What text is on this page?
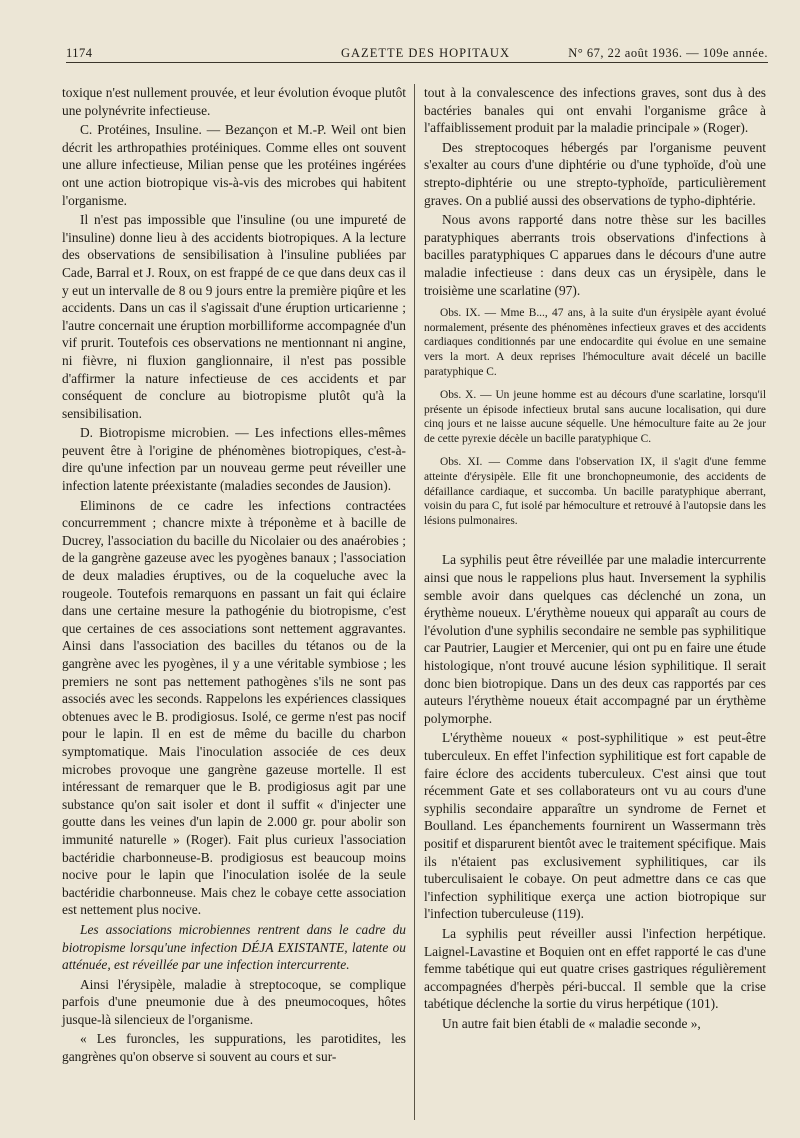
1174	GAZETTE DES HOPITAUX	N° 67, 22 août 1936. — 109e année.

toxique n'est nullement prouvée, et leur évolution évoque plutôt une polynévrite infectieuse.

C. Protéines, Insuline. — Bezançon et M.-P. Weil ont bien décrit les arthropathies protéiniques. Comme elles ont souvent une allure infectieuse, Milian pense que les protéines ingérées ont une action biotropique vis-à-vis des microbes qui habitent l'organisme.

Il n'est pas impossible que l'insuline (ou une impureté de l'insuline) donne lieu à des accidents biotropiques. A la lecture des observations de sensibilisation à l'insuline publiées par Cade, Barral et J. Roux, on est frappé de ce que dans deux cas il y eut un intervalle de 8 ou 9 jours entre la première piqûre et les accidents. Dans un cas il s'agissait d'une éruption urticarienne ; l'autre concernait une éruption morbilliforme accompagnée d'un vif prurit. Toutefois ces observations ne mentionnant ni angine, ni fièvre, ni fluxion ganglionnaire, il n'est pas possible d'affirmer la nature infectieuse de ces accidents et par conséquent de conclure au biotropisme plutôt qu'à la sensibilisation.

D. Biotropisme microbien. — Les infections elles-mêmes peuvent être à l'origine de phénomènes biotropiques, c'est-à-dire qu'une infection par un nouveau germe peut réveiller une infection latente préexistante (maladies secondes de Jausion).

Eliminons de ce cadre les infections contractées concurremment ; chancre mixte à tréponème et à bacille de Ducrey, l'association du bacille du Nicolaier ou des anaérobies ; de la gangrène gazeuse avec les pyogènes banaux ; l'association de deux maladies éruptives, ou de la coqueluche avec la rougeole. Toutefois remarquons en passant un fait qui éclaire dans une certaine mesure la pathogénie du biotropisme, c'est que certaines de ces associations sont nettement aggravantes. Ainsi dans l'association des bacilles du tétanos ou de la gangrène avec les pyogènes, il y a une véritable symbiose ; les premiers ne sont pas nettement pathogènes s'ils ne sont pas associés avec les seconds. Rappelons les expériences classiques obtenues avec le B. prodigiosus. Isolé, ce germe n'est pas nocif pour le lapin. Il en est de même du bacille du charbon symptomatique. Mais l'inoculation associée de ces deux microbes provoque une gangrène gazeuse mortelle. Il est intéressant de remarquer que le B. prodigiosus agit par une substance qu'on sait isoler et dont il suffit « d'injecter une goutte dans les veines d'un lapin de 2.000 gr. pour abolir son immunité naturelle » (Roger). Fait plus curieux l'association bactéridie charbonneuse-B. prodigiosus est beaucoup moins nocive pour le lapin que l'inoculation isolée de la seule bactéridie charbonneuse. Mais chez le cobaye cette association est nettement plus nocive.

Les associations microbiennes rentrent dans le cadre du biotropisme lorsqu'une infection DÉJA EXISTANTE, latente ou atténuée, est réveillée par une infection intercurrente.

Ainsi l'érysipèle, maladie à streptocoque, se complique parfois d'une pneumonie due à des pneumocoques, hôtes jusque-là silencieux de l'organisme.

« Les furoncles, les suppurations, les parotidites, les gangrènes qu'on observe si souvent au cours et sur-

tout à la convalescence des infections graves, sont dus à des bactéries banales qui ont envahi l'organisme grâce à l'affaiblissement produit par la maladie principale » (Roger).

Des streptocoques hébergés par l'organisme peuvent s'exalter au cours d'une diphtérie ou d'une typhoïde, d'où une strepto-diphtérie ou une strepto-typhoïde, particulièrement graves. On a publié aussi des observations de typho-diphtérie.

Nous avons rapporté dans notre thèse sur les bacilles paratyphiques aberrants trois observations d'infections à bacilles paratyphiques C apparues dans le décours d'une autre maladie infectieuse : dans deux cas un érysipèle, dans le troisième une scarlatine (97).

Obs. IX. — Mme B..., 47 ans, à la suite d'un érysipèle ayant évolué normalement, présente des phénomènes infectieux graves et des accidents cardiaques conditionnés par une endocardite qui évolue en une semaine vers la mort. A deux reprises l'hémoculture avait décelé un bacille paratyphique C.

Obs. X. — Un jeune homme est au décours d'une scarlatine, lorsqu'il présente un épisode infectieux brutal sans aucune localisation, qui dure cinq jours et ne laisse aucune séquelle. Une hémoculture faite au 2e jour de cette pyrexie décèle un bacille paratyphique C.

Obs. XI. — Comme dans l'observation IX, il s'agit d'une femme atteinte d'érysipèle. Elle fit une bronchopneumonie, des accidents de défaillance cardiaque, et succomba. Un bacille paratyphique aberrant, voisin du para C, fut isolé par hémoculture et retrouvé à l'autopsie dans les lésions pulmonaires.

La syphilis peut être réveillée par une maladie intercurrente ainsi que nous le rappelions plus haut. Inversement la syphilis semble avoir dans quelques cas déclenché un zona, un érythème noueux. L'érythème noueux qui apparaît au cours de l'évolution d'une syphilis secondaire ne semble pas syphilitique car Pautrier, Laugier et Mercenier, qui ont pu en faire une étude histologique, n'ont trouvé aucune lésion syphilitique. Il serait donc bien biotropique. Dans un des deux cas rapportés par ces auteurs l'érythème noueux était accompagné par un érythème polymorphe.

L'érythème noueux « post-syphilitique » est peut-être tuberculeux. En effet l'infection syphilitique est fort capable de faire éclore des accidents tuberculeux. C'est ainsi que tout récemment Gate et ses collaborateurs ont vu au cours d'une syphilis secondaire apparaître un syndrome de Fernet et Boulland. Les épanchements fournirent un Wassermann très positif et disparurent bientôt avec le traitement spécifique. Mais ils n'étaient pas exclusivement syphilitiques, car ils tuberculisaient le cobaye. On peut admettre dans ce cas que l'infection syphilitique exerça une action biotropique sur l'infection tuberculeuse (119).

La syphilis peut réveiller aussi l'infection herpétique. Laignel-Lavastine et Boquien ont en effet rapporté le cas d'une femme tabétique qui eut quatre crises gastriques régulièrement accompagnées d'herpès péri-buccal. Il semble que la crise tabétique déclenche la sortie du virus herpétique (101).

Un autre fait bien établi de « maladie seconde »,
